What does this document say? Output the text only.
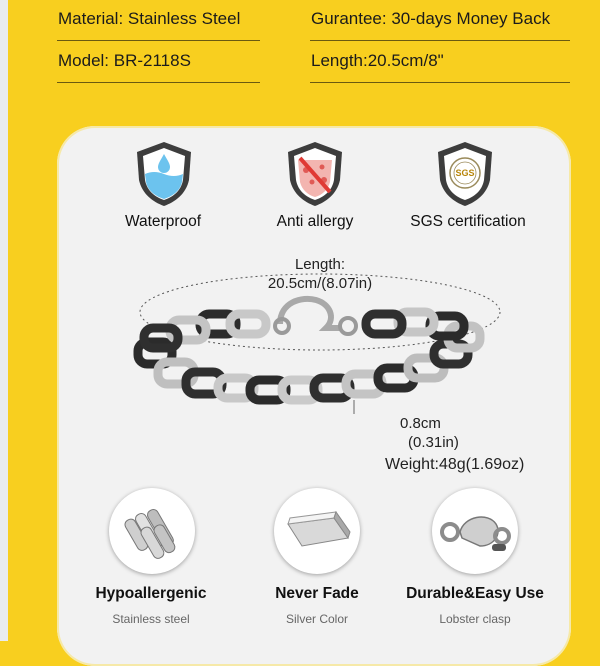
Material: Stainless Steel	Gurantee: 30-days Money Back
Model: BR-2118S	Length:20.5cm/8"
SGS
Waterproof	Anti allergy	SGS certification
Length:
20.5cm/(8.07in)
0.8cm
(0.31in)
Weight:48g(1.69oz)
Hypoallergenic	Never Fade	Durable&Easy Use
Stainless steel	Silver Color	Lobster clasp
